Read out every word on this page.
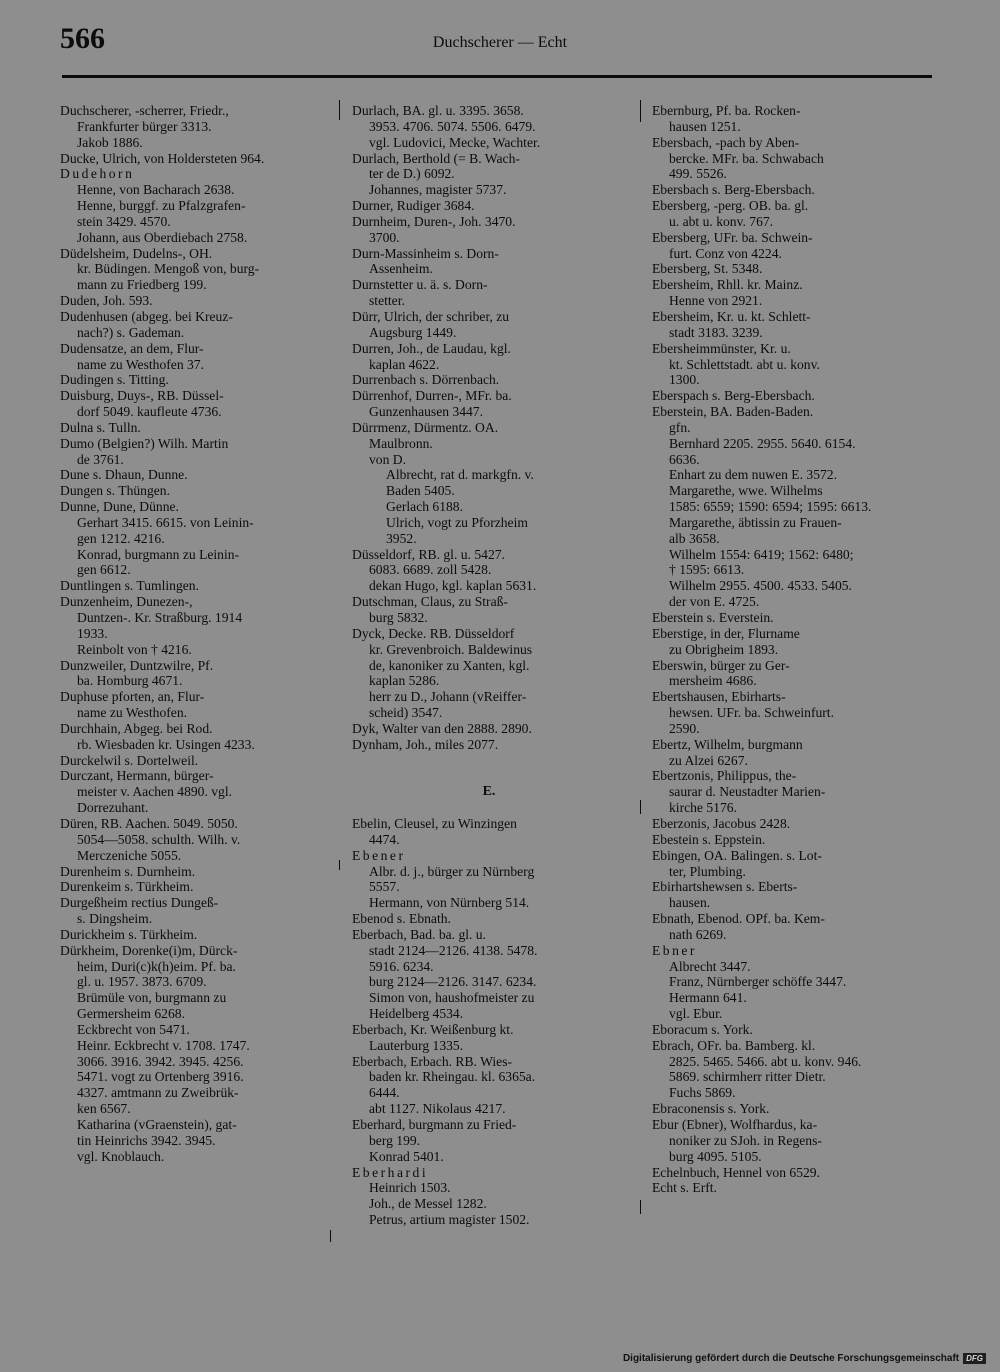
566	Duchscherer — Echt
Duchscherer, -scherrer, Friedr.,
Frankfurter bürger 3313.
Jakob 1886.
Ducke, Ulrich, von Holdersteten 964.
Dudehorn
Henne, von Bacharach 2638.
Henne, burggf. zu Pfalzgrafen-
stein 3429. 4570.
Johann, aus Oberdiebach 2758.
Düdelsheim, Dudelns-, OH.
kr. Büdingen. Mengoß von, burg-
mann zu Friedberg 199.
Duden, Joh. 593.
Dudenhusen (abgeg. bei Kreuz-
nach?) s. Gademan.
Dudensatze, an dem, Flur-
name zu Westhofen 37.
Dudingen s. Titting.
Duisburg, Duys-, RB. Düssel-
dorf 5049. kaufleute 4736.
Dulna s. Tulln.
Dumo (Belgien?) Wilh. Martin
de 3761.
Dune s. Dhaun, Dunne.
Dungen s. Thüngen.
Dunne, Dune, Dünne.
Gerhart 3415. 6615. von Leinin-
gen 1212. 4216.
Konrad, burgmann zu Leinin-
gen 6612.
Duntlingen s. Tumlingen.
Dunzenheim, Dunezen-,
Duntzen-. Kr. Straßburg. 1914
1933.
Reinbolt von † 4216.
Dunzweiler, Duntzwilre, Pf.
ba. Homburg 4671.
Duphuse pforten, an, Flur-
name zu Westhofen.
Durchhain, Abgeg. bei Rod.
rb. Wiesbaden kr. Usingen 4233.
Durckelwil s. Dortelweil.
Durczant, Hermann, bürger-
meister v. Aachen 4890. vgl.
Dorrezuhant.
Düren, RB. Aachen. 5049. 5050.
5054—5058. schulth. Wilh. v.
Merczeniche 5055.
Durenheim s. Durnheim.
Durenkeim s. Türkheim.
Durgeßheim rectius Dungeß-
s. Dingsheim.
Durickheim s. Türkheim.
Dürkheim, Dorenke(i)m, Dürck-
heim, Duri(c)k(h)eim. Pf. ba.
gl. u. 1957. 3873. 6709.
Brümüle von, burgmann zu
Germersheim 6268.
Eckbrecht von 5471.
Heinr. Eckbrecht v. 1708. 1747.
3066. 3916. 3942. 3945. 4256.
5471. vogt zu Ortenberg 3916.
4327. amtmann zu Zweibrük-
ken 6567.
Katharina (vGraenstein), gat-
tin Heinrichs 3942. 3945.
vgl. Knoblauch.
Durlach, BA. gl. u. 3395. 3658.
3953. 4706. 5074. 5506. 6479.
vgl. Ludovici, Mecke, Wachter.
Durlach, Berthold (= B. Wach-
ter de D.) 6092.
Johannes, magister 5737.
Durner, Rudiger 3684.
Durnheim, Duren-, Joh. 3470.
3700.
Durn-Massinheim s. Dorn-
Assenheim.
Durnstetter u. ä. s. Dorn-
stetter.
Dürr, Ulrich, der schriber, zu
Augsburg 1449.
Durren, Joh., de Laudau, kgl.
kaplan 4622.
Durrenbach s. Dörrenbach.
Dürrenhof, Durren-, MFr. ba.
Gunzenhausen 3447.
Dürrmenz, Dürmentz. OA.
Maulbronn.
von D.
Albrecht, rat d. markgfn. v.
Baden 5405.
Gerlach 6188.
Ulrich, vogt zu Pforzheim
3952.
Düsseldorf, RB. gl. u. 5427.
6083. 6689. zoll 5428.
dekan Hugo, kgl. kaplan 5631.
Dutschman, Claus, zu Straß-
burg 5832.
Dyck, Decke. RB. Düsseldorf
kr. Grevenbroich. Baldewinus
de, kanoniker zu Xanten, kgl.
kaplan 5286.
herr zu D., Johann (vReiffer-
scheid) 3547.
Dyk, Walter van den 2888. 2890.
Dynham, Joh., miles 2077.
E.
Ebelin, Cleusel, zu Winzingen
4474.
Ebener
Albr. d. j., bürger zu Nürnberg
5557.
Hermann, von Nürnberg 514.
Ebenod s. Ebnath.
Eberbach, Bad. ba. gl. u.
stadt 2124—2126. 4138. 5478.
5916. 6234.
burg 2124—2126. 3147. 6234.
Simon von, haushofmeister zu
Heidelberg 4534.
Eberbach, Kr. Weißenburg kt.
Lauterburg 1335.
Eberbach, Erbach. RB. Wies-
baden kr. Rheingau. kl. 6365a.
6444.
abt 1127. Nikolaus 4217.
Eberhard, burgmann zu Fried-
berg 199.
Konrad 5401.
Eberhardi
Heinrich 1503.
Joh., de Messel 1282.
Petrus, artium magister 1502.
Ebernburg, Pf. ba. Rocken-
hausen 1251.
Ebersbach, -pach by Aben-
bercke. MFr. ba. Schwabach
499. 5526.
Ebersbach s. Berg-Ebersbach.
Ebersberg, -perg. OB. ba. gl.
u. abt u. konv. 767.
Ebersberg, UFr. ba. Schwein-
furt. Conz von 4224.
Ebersberg, St. 5348.
Ebersheim, Rhll. kr. Mainz.
Henne von 2921.
Ebersheim, Kr. u. kt. Schlett-
stadt 3183. 3239.
Ebersheimmünster, Kr. u.
kt. Schlettstadt. abt u. konv.
1300.
Eberspach s. Berg-Ebersbach.
Eberstein, BA. Baden-Baden.
gfn.
Bernhard 2205. 2955. 5640. 6154.
6636.
Enhart zu dem nuwen E. 3572.
Margarethe, wwe. Wilhelms
1585: 6559; 1590: 6594; 1595: 6613.
Margarethe, äbtissin zu Frauen-
alb 3658.
Wilhelm 1554: 6419; 1562: 6480;
† 1595: 6613.
Wilhelm 2955. 4500. 4533. 5405.
der von E. 4725.
Eberstein s. Everstein.
Eberstige, in der, Flurname
zu Obrigheim 1893.
Eberswin, bürger zu Ger-
mersheim 4686.
Ebertshausen, Ebirharts-
hewsen. UFr. ba. Schweinfurt.
2590.
Ebertz, Wilhelm, burgmann
zu Alzei 6267.
Ebertzonis, Philippus, the-
saurar d. Neustadter Marien-
kirche 5176.
Eberzonis, Jacobus 2428.
Ebestein s. Eppstein.
Ebingen, OA. Balingen. s. Lot-
ter, Plumbing.
Ebirhartshewsen s. Eberts-
hausen.
Ebnath, Ebenod. OPf. ba. Kem-
nath 6269.
Ebner
Albrecht 3447.
Franz, Nürnberger schöffe 3447.
Hermann 641.
vgl. Ebur.
Eboracum s. York.
Ebrach, OFr. ba. Bamberg. kl.
2825. 5465. 5466. abt u. konv. 946.
5869. schirmherr ritter Dietr.
Fuchs 5869.
Ebraconensis s. York.
Ebur (Ebner), Wolfhardus, ka-
noniker zu SJoh. in Regens-
burg 4095. 5105.
Echelnbuch, Hennel von 6529.
Echt s. Erft.
Digitalisierung gefördert durch die Deutsche Forschungsgemeinschaft DFG
